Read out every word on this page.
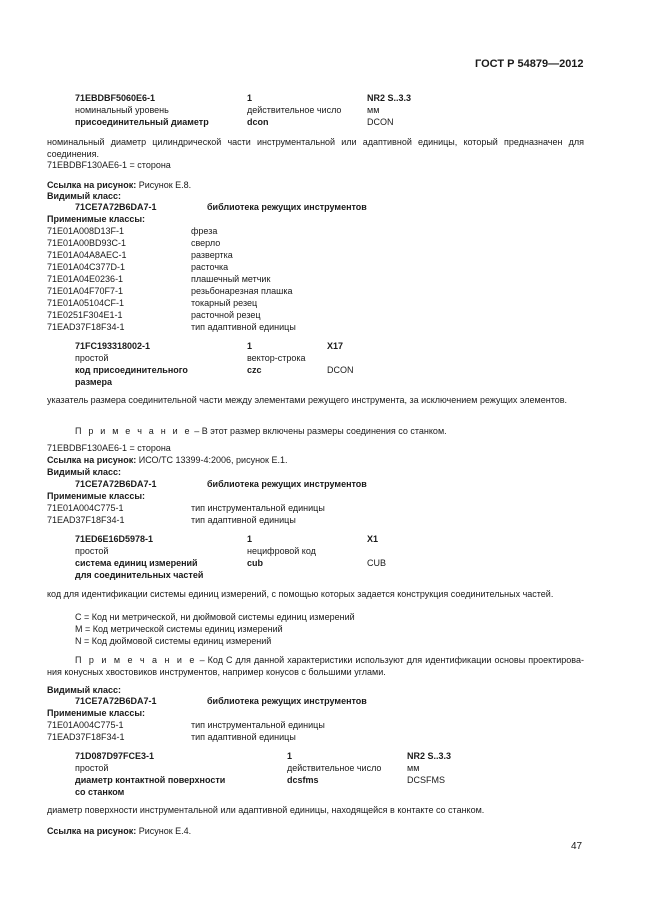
ГОСТ Р 54879—2012
71EBDBF5060E6-1	1	NR2 S..3.3
номинальный уровень	действительное число	мм
присоединительный диаметр	dcon	DCON
номинальный диаметр цилиндрической части инструментальной или адаптивной единицы, который предназначен для соединения.
71EBDBF130AE6-1 = сторона
Ссылка на рисунок: Рисунок Е.8.
Видимый класс:
71CE7A72B6DA7-1	библиотека режущих инструментов
Применимые классы:
71E01A008D13F-1	фреза
71E01A00BD93C-1	сверло
71E01A04A8AEC-1	развертка
71E01A04C377D-1	расточка
71E01A04E0236-1	плашечный метчик
71E01A04F70F7-1	резьбонарезная плашка
71E01A05104CF-1	токарный резец
71E0251F304E1-1	расточной резец
71EAD37F18F34-1	тип адаптивной единицы
71FC193318002-1	1	X17
простой	вектор-строка
код присоединительного	czc	DCON
размера
указатель размера соединительной части между элементами режущего инструмента, за исключением режущих элементов.
П р и м е ч а н и е – В этот размер включены размеры соединения со станком.
71EBDBF130AE6-1 = сторона
Ссылка на рисунок: ИСО/ТС 13399-4:2006, рисунок Е.1.
Видимый класс:
71CE7A72B6DA7-1	библиотека режущих инструментов
Применимые классы:
71E01A004C775-1	тип инструментальной единицы
71EAD37F18F34-1	тип адаптивной единицы
71ED6E16D5978-1	1	X1
простой	нецифровой код
система единиц измерений	cub	CUB
для соединительных частей
код для идентификации системы единиц измерений, с помощью которых задается конструкция соединительных частей.
C = Код ни метрической, ни дюймовой системы единиц измерений
M = Код метрической системы единиц измерений
N = Код дюймовой системы единиц измерений
П р и м е ч а н и е – Код С для данной характеристики используют для идентификации основы проектирова-ния конусных хвостовиков инструментов, например конусов с большими углами.
Видимый класс:
71CE7A72B6DA7-1	библиотека режущих инструментов
Применимые классы:
71E01A004C775-1	тип инструментальной единицы
71EAD37F18F34-1	тип адаптивной единицы
71D087D97FCE3-1	1	NR2 S..3.3
простой	действительное число	мм
диаметр контактной поверхности	dcsfms	DCSFMS
со станком
диаметр поверхности инструментальной или адаптивной единицы, находящейся в контакте со станком.
Ссылка на рисунок: Рисунок Е.4.
47
